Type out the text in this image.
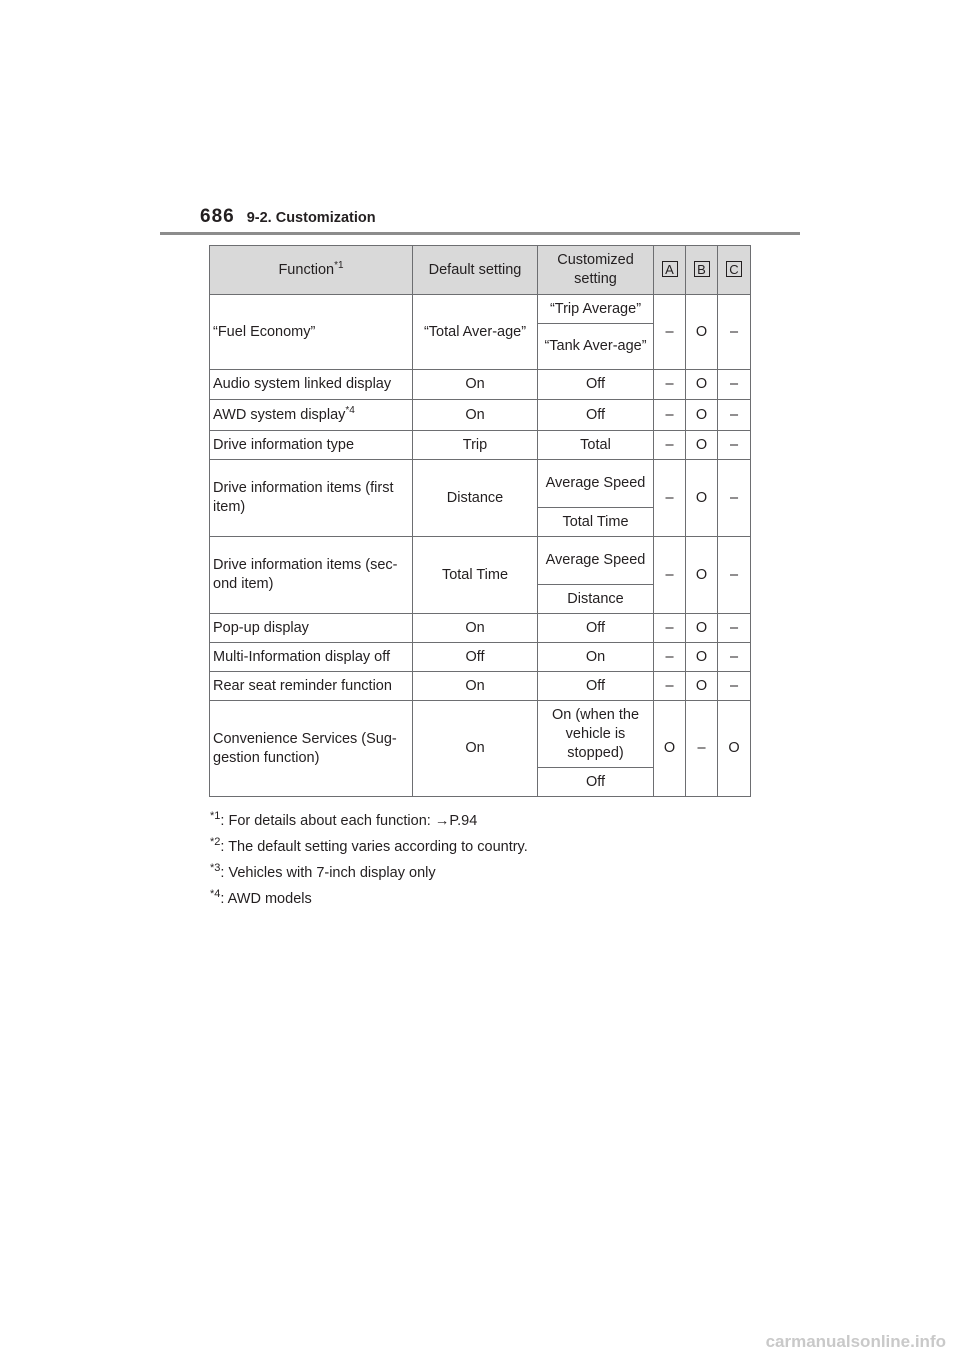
686 9-2. Customization
Function$^{*1}$	Default setting	Customized setting	A	B	C
“Fuel Economy”	“Total Aver-age”	“Trip Average”	–	O	–
		“Tank Aver-age”			
Audio system linked display	On	Off	–	O	–
AWD system display$^{*4}$	On	Off	–	O	–
Drive information type	Trip	Total	–	O	–
Drive information items (first item)	Distance	Average Speed	–	O	–
		Total Time			
Drive information items (sec-ond item)	Total Time	Average Speed	–	O	–
		Distance			
Pop-up display	On	Off	–	O	–
Multi-Information display off	Off	On	–	O	–
Rear seat reminder function	On	Off	–	O	–
Convenience Services (Sug-gestion function)	On	On (when the vehicle is stopped)	O	–	O
		Off			
$^{*1}$: For details about each function: →P.94
$^{*2}$: The default setting varies according to country.
$^{*3}$: Vehicles with 7-inch display only
$^{*4}$: AWD models
carmanualsonline.info
